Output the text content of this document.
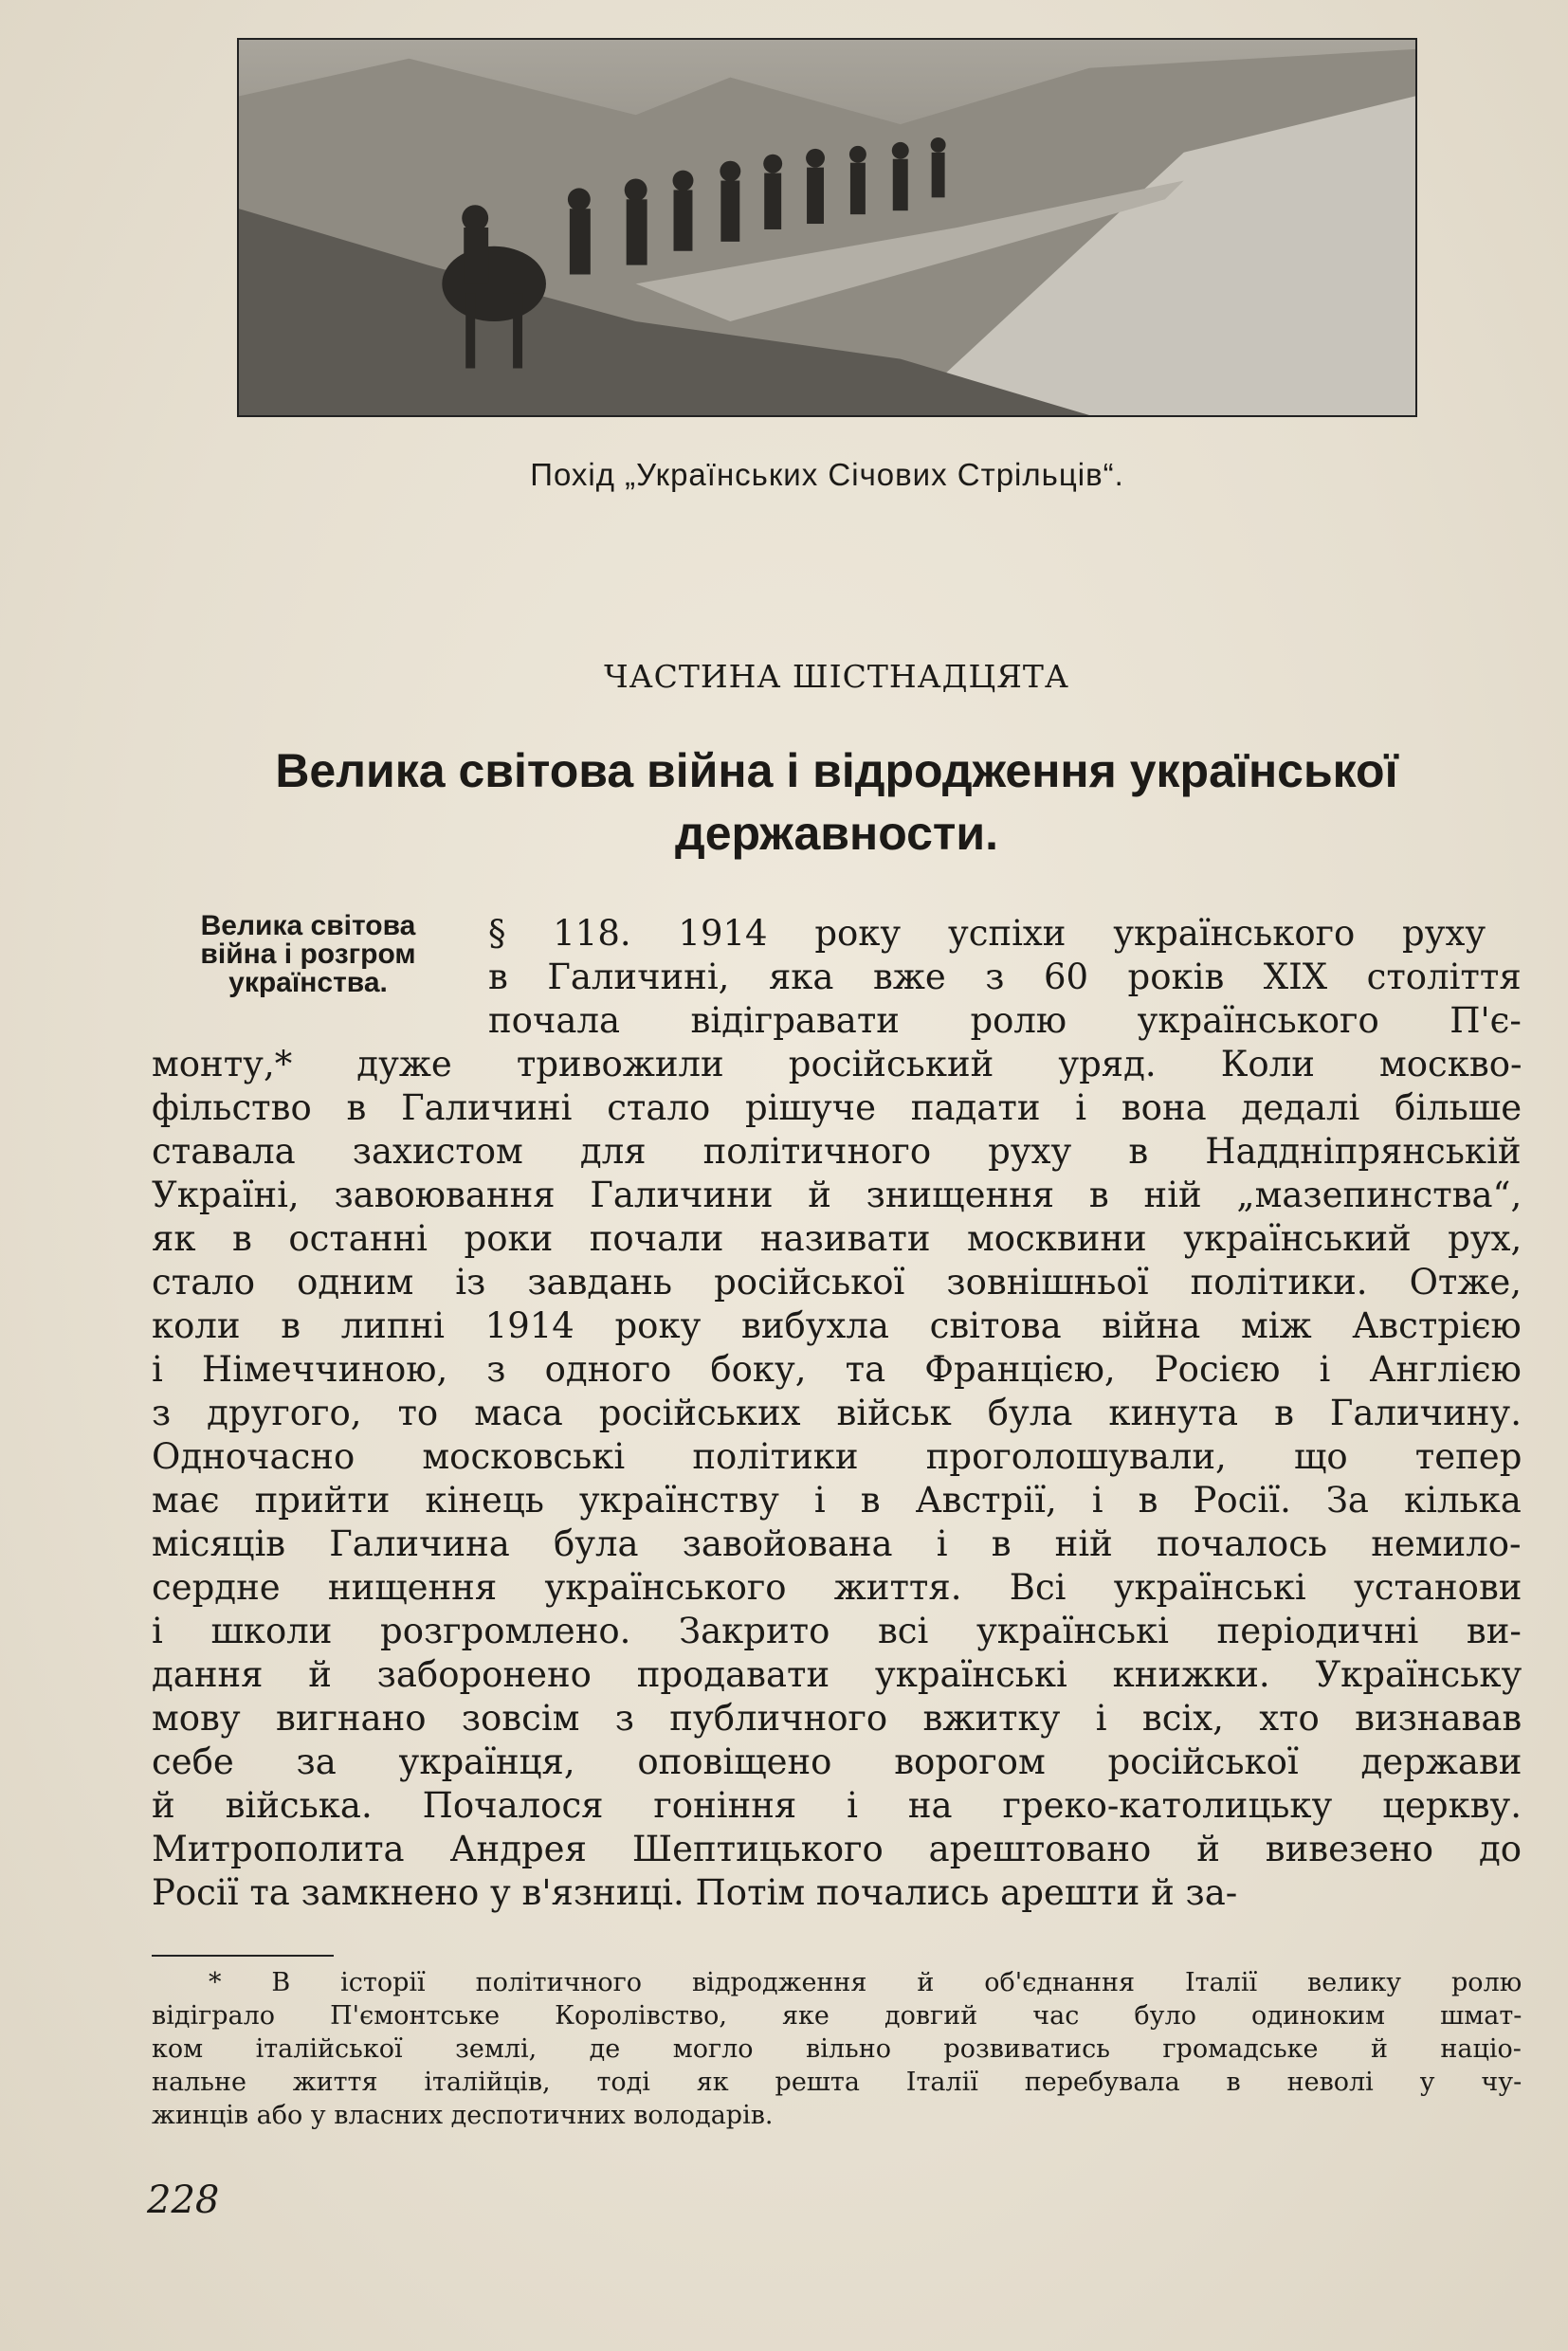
Похід „Українських Січових Стрільців“.
ЧАСТИНА ШІСТНАДЦЯТА
Велика світова війна і відродження української
державности.
Велика світова
війна і розгром
українства.
§ 118. 1914 року успіхи українського руху
в Галичині, яка вже з 60 років XIX століття
почала відігравати ролю українського П'є-
монту,* дуже тривожили російський уряд. Коли москво-
фільство в Галичині стало рішуче падати і вона дедалі більше
ставала захистом для політичного руху в Наддніпрянській
Україні, завоювання Галичини й знищення в ній „мазепинства“,
як в останні роки почали називати москвини український рух,
стало одним із завдань російської зовнішньої політики. Отже,
коли в липні 1914 року вибухла світова війна між Австрією
і Німеччиною, з одного боку, та Францією, Росією і Англією
з другого, то маса російських військ була кинута в Галичину.
Одночасно московські політики проголошували, що тепер
має прийти кінець українству і в Австрії, і в Росії. За кілька
місяців Галичина була завойована і в ній почалось немило-
сердне нищення українського життя. Всі українські установи
і школи розгромлено. Закрито всі українські періодичні ви-
дання й заборонено продавати українські книжки. Українську
мову вигнано зовсім з публичного вжитку і всіх, хто визнавав
себе за українця, оповіщено ворогом російської держави
й війська. Почалося гоніння і на греко-католицьку церкву.
Митрополита Андрея Шептицького арештовано й вивезено до
Росії та замкнено у в'язниці. Потім почались арешти й за-
* В історії політичного відродження й об'єднання Італії велику ролю
відіграло П'ємонтське Королівство, яке довгий час було одиноким шмат-
ком італійської землі, де могло вільно розвиватись громадське й націо-
нальне життя італійців, тоді як решта Італії перебувала в неволі у чу-
жинців або у власних деспотичних володарів.
228
